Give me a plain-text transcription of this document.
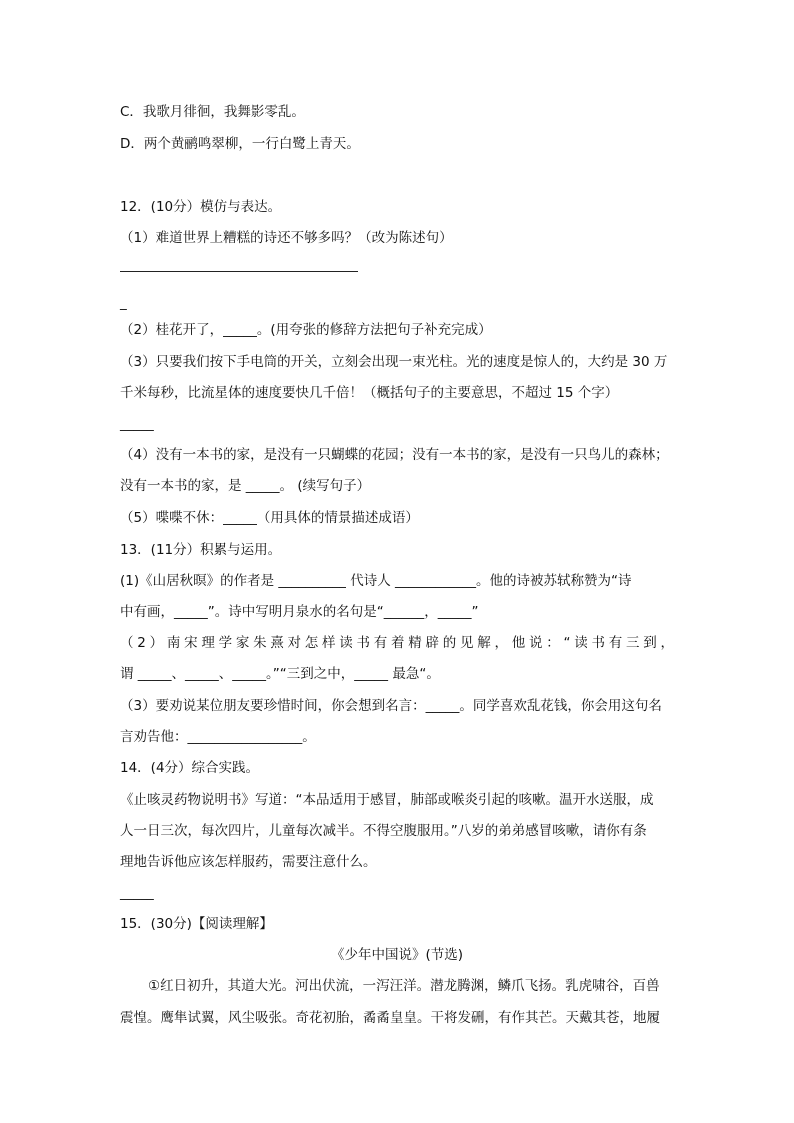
C．我歌月徘徊，我舞影零乱。
D．两个黄鹂鸣翠柳，一行白鹭上青天。
12．(10分）模仿与表达。
（1）难道世界上糟糕的诗还不够多吗？（改为陈述句）
_
（2）桂花开了，_____。(用夸张的修辞方法把句子补充完成）
（3）只要我们按下手电筒的开关，立刻会出现一束光柱。光的速度是惊人的，大约是 30 万
千米每秒，比流星体的速度要快几千倍！（概括句子的主要意思，不超过 15 个字）
_____
（4）没有一本书的家，是没有一只蝴蝶的花园；没有一本书的家，是没有一只鸟儿的森林；
没有一本书的家，是 _____。 (续写句子）
（5）喋喋不休：_____（用具体的情景描述成语）
13．(11分）积累与运用。
(1)《山居秋暝》的作者是 __________ 代诗人 ____________。他的诗被苏轼称赞为“诗
中有画，_____”。诗中写明月泉水的名句是“______，_____”
（2）南宋理学家朱熹对怎样读书有着精辟的见解，他说：“读书有三到，
谓 _____、_____、_____。”“三到之中，_____ 最急“。
（3）要劝说某位朋友要珍惜时间，你会想到名言：_____。同学喜欢乱花钱，你会用这句名
言劝告他：_________________。
14．(4分）综合实践。
《止咳灵药物说明书》写道：“本品适用于感冒，肺部或喉炎引起的咳嗽。温开水送服，成
人一日三次，每次四片，儿童每次减半。不得空腹服用。”八岁的弟弟感冒咳嗽，请你有条
理地告诉他应该怎样服药，需要注意什么。
_____
15．(30分)【阅读理解】
《少年中国说》(节选)
①红日初升，其道大光。河出伏流，一泻汪洋。潜龙腾渊，鳞爪飞扬。乳虎啸谷，百兽
震惶。鹰隼试翼，风尘吸张。奇花初胎，矞矞皇皇。干将发硎，有作其芒。天戴其苍，地履
